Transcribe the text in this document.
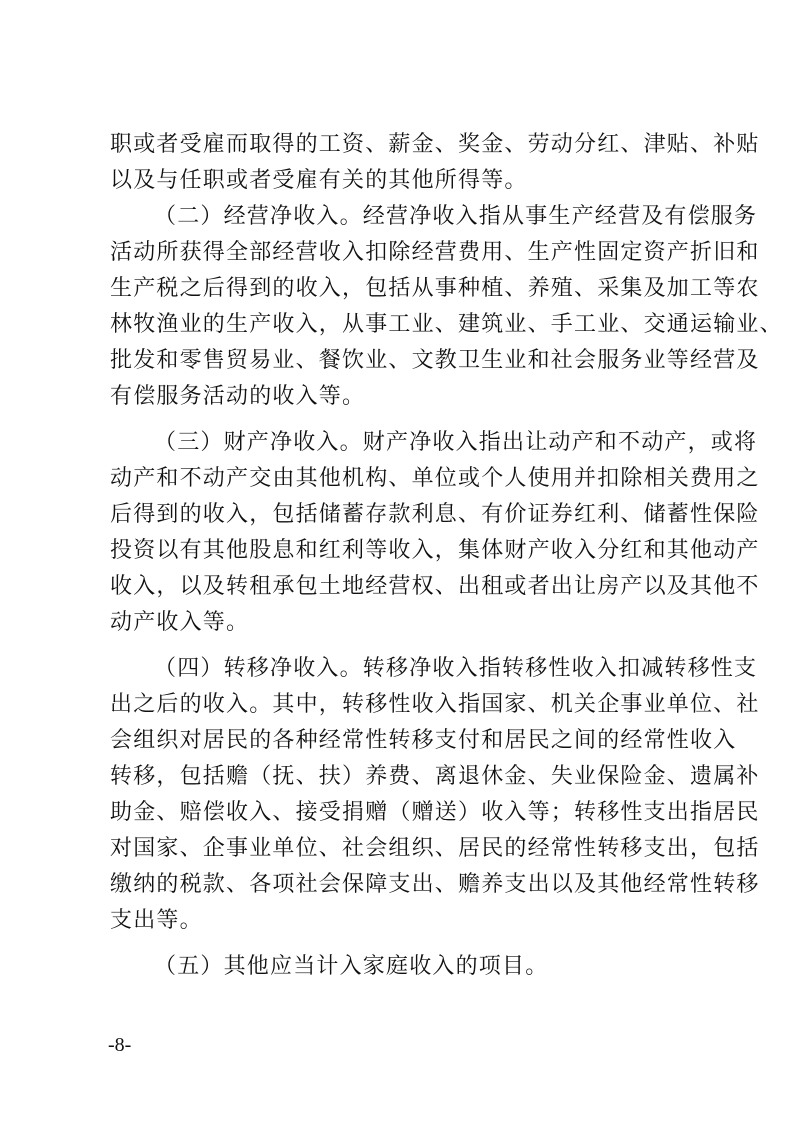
职或者受雇而取得的工资、薪金、奖金、劳动分红、津贴、补贴
以及与任职或者受雇有关的其他所得等。
（二）经营净收入。经营净收入指从事生产经营及有偿服务
活动所获得全部经营收入扣除经营费用、生产性固定资产折旧和
生产税之后得到的收入，包括从事种植、养殖、采集及加工等农
林牧渔业的生产收入，从事工业、建筑业、手工业、交通运输业、
批发和零售贸易业、餐饮业、文教卫生业和社会服务业等经营及
有偿服务活动的收入等。
（三）财产净收入。财产净收入指出让动产和不动产，或将
动产和不动产交由其他机构、单位或个人使用并扣除相关费用之
后得到的收入，包括储蓄存款利息、有价证券红利、储蓄性保险
投资以有其他股息和红利等收入，集体财产收入分红和其他动产
收入，以及转租承包土地经营权、出租或者出让房产以及其他不
动产收入等。
（四）转移净收入。转移净收入指转移性收入扣减转移性支
出之后的收入。其中，转移性收入指国家、机关企事业单位、社
会组织对居民的各种经常性转移支付和居民之间的经常性收入
转移，包括赡（抚、扶）养费、离退休金、失业保险金、遗属补
助金、赔偿收入、接受捐赠（赠送）收入等；转移性支出指居民
对国家、企事业单位、社会组织、居民的经常性转移支出，包括
缴纳的税款、各项社会保障支出、赡养支出以及其他经常性转移
支出等。
（五）其他应当计入家庭收入的项目。
-8-
